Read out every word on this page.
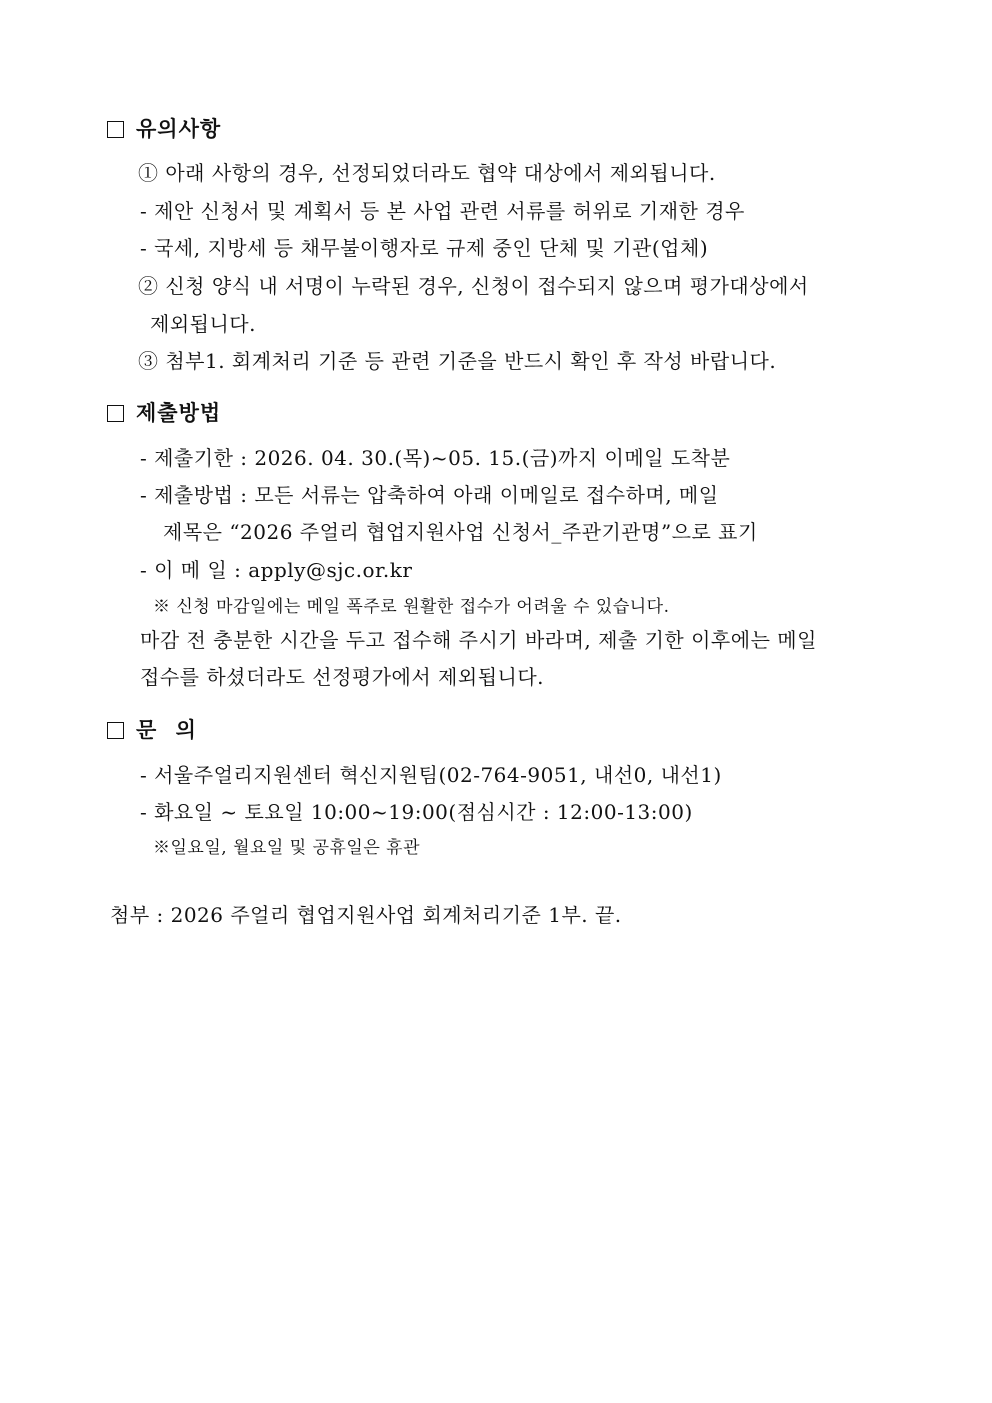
유의사항
① 아래 사항의 경우, 선정되었더라도 협약 대상에서 제외됩니다.
- 제안 신청서 및 계획서 등 본 사업 관련 서류를 허위로 기재한 경우
- 국세, 지방세 등 채무불이행자로 규제 중인 단체 및 기관(업체)
② 신청 양식 내 서명이 누락된 경우, 신청이 접수되지 않으며 평가대상에서
제외됩니다.
③ 첨부1. 회계처리 기준 등 관련 기준을 반드시 확인 후 작성 바랍니다.
제출방법
- 제출기한 : 2026. 04. 30.(목)~05. 15.(금)까지 이메일 도착분
- 제출방법 : 모든 서류는 압축하여 아래 이메일로 접수하며, 메일
제목은 “2026 주얼리 협업지원사업 신청서_주관기관명”으로 표기
- 이 메 일 : apply@sjc.or.kr
※ 신청 마감일에는 메일 폭주로 원활한 접수가 어려울 수 있습니다.
마감 전 충분한 시간을 두고 접수해 주시기 바라며, 제출 기한 이후에는 메일
접수를 하셨더라도 선정평가에서 제외됩니다.
문 의
- 서울주얼리지원센터 혁신지원팀(02-764-9051, 내선0, 내선1)
- 화요일 ~ 토요일 10:00~19:00(점심시간 : 12:00-13:00)
※일요일, 월요일 및 공휴일은 휴관
첨부 : 2026 주얼리 협업지원사업 회계처리기준 1부. 끝.
